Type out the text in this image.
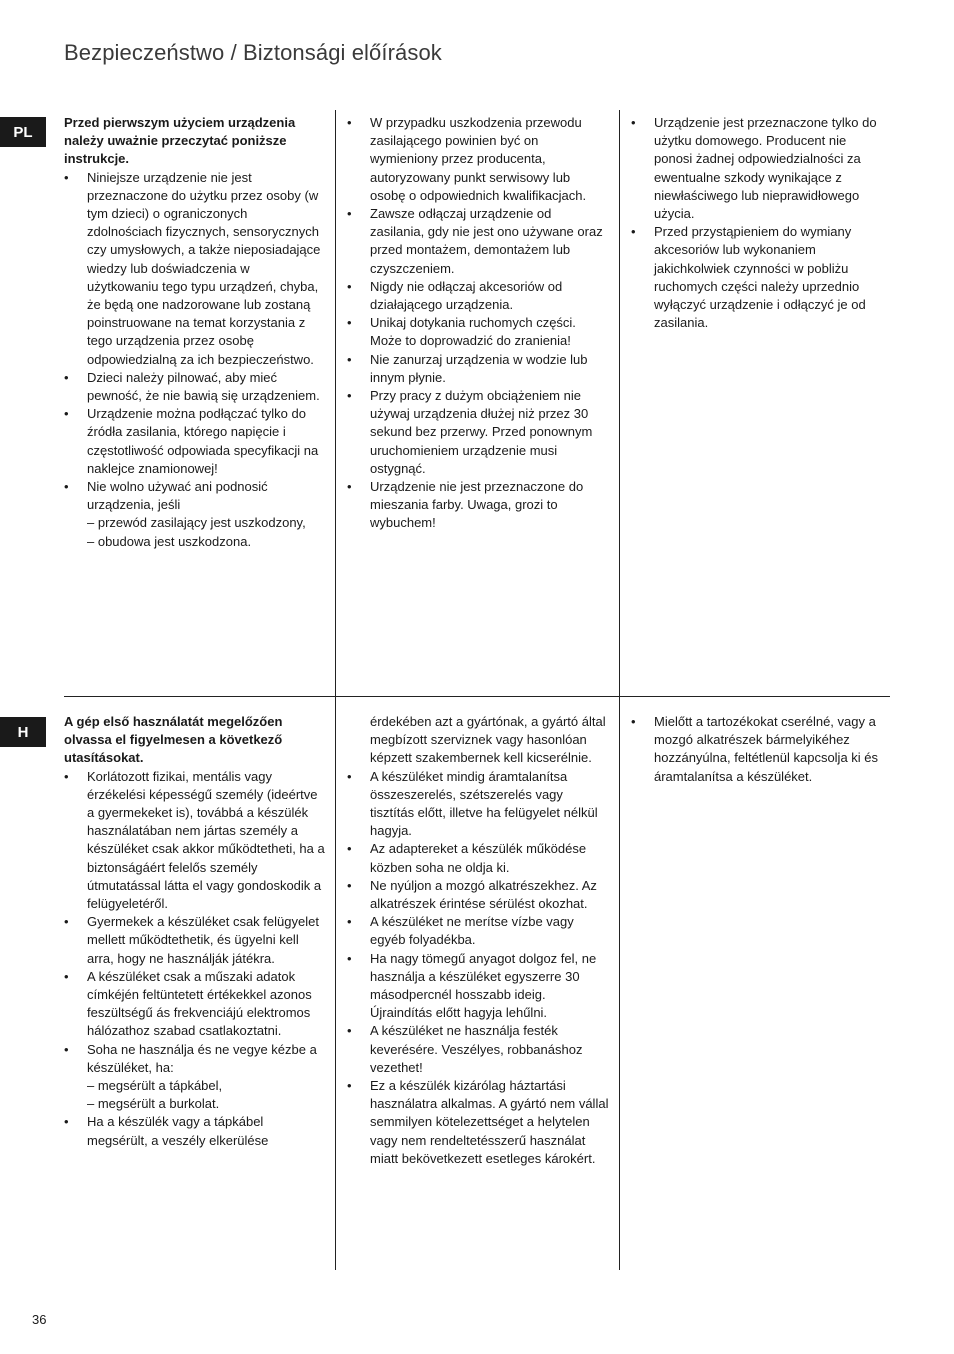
Bezpieczeństwo / Biztonsági előírások
PL
H

Przed pierwszym użyciem urządzenia należy uważnie przeczytać poniższe instrukcje.

• Niniejsze urządzenie nie jest przeznaczone do użytku przez osoby (w tym dzieci) o ograniczonych zdolnościach fizycznych, sensorycznych czy umysłowych, a także nieposiadające wiedzy lub doświadczenia w użytkowaniu tego typu urządzeń, chyba, że będą one nadzorowane lub zostaną poinstruowane na temat korzystania z tego urządzenia przez osobę odpowiedzialną za ich bezpieczeństwo.
• Dzieci należy pilnować, aby mieć pewność, że nie bawią się urządzeniem.
• Urządzenie można podłączać tylko do źródła zasilania, którego napięcie i częstotliwość odpowiada specyfikacji na naklejce znamionowej!
• Nie wolno używać ani podnosić urządzenia, jeśli
– przewód zasilający jest uszkodzony,
– obudowa jest uszkodzona.
• W przypadku uszkodzenia przewodu zasilającego powinien być on wymieniony przez producenta, autoryzowany punkt serwisowy lub osobę o odpowiednich kwalifikacjach.
• Zawsze odłączaj urządzenie od zasilania, gdy nie jest ono używane oraz przed montażem, demontażem lub czyszczeniem.
• Nigdy nie odłączaj akcesoriów od działającego urządzenia.
• Unikaj dotykania ruchomych części. Może to doprowadzić do zranienia!
• Nie zanurzaj urządzenia w wodzie lub innym płynie.
• Przy pracy z dużym obciążeniem nie używaj urządzenia dłużej niż przez 30 sekund bez przerwy. Przed ponownym uruchomieniem urządzenie musi ostygnąć.
• Urządzenie nie jest przeznaczone do mieszania farby. Uwaga, grozi to wybuchem!
• Urządzenie jest przeznaczone tylko do użytku domowego. Producent nie ponosi żadnej odpowiedzialności za ewentualne szkody wynikające z niewłaściwego lub nieprawidłowego użycia.
• Przed przystąpieniem do wymiany akcesoriów lub wykonaniem jakichkolwiek czynności w pobliżu ruchomych części należy uprzednio wyłączyć urządzenie i odłączyć je od zasilania.

A gép első használatát megelőzően olvassa el figyelmesen a következő utasításokat.

• Korlátozott fizikai, mentális vagy érzékelési képességű személy (ideértve a gyermekeket is), továbbá a készülék használatában nem jártas személy a készüléket csak akkor működtetheti, ha a biztonságáért felelős személy útmutatással látta el vagy gondoskodik a felügyeletéről.
• Gyermekek a készüléket csak felügyelet mellett működtethetik, és ügyelni kell arra, hogy ne használják játékra.
• A készüléket csak a műszaki adatok címkéjén feltüntetett értékekkel azonos feszültségű ás frekvenciájú elektromos hálózathoz szabad csatlakoztatni.
• Soha ne használja és ne vegye kézbe a készüléket, ha:
– megsérült a tápkábel,
– megsérült a burkolat.
• Ha a készülék vagy a tápkábel megsérült, a veszély elkerülése

érdekében azt a gyártónak, a gyártó által megbízott szerviznek vagy hasonlóan képzett szakembernek kell kicserélnie.

• A készüléket mindig áramtalanítsa összeszerelés, szétszerelés vagy tisztítás előtt, illetve ha felügyelet nélkül hagyja.
• Az adaptereket a készülék működése közben soha ne oldja ki.
• Ne nyúljon a mozgó alkatrészekhez. Az alkatrészek érintése sérülést okozhat.
• A készüléket ne merítse vízbe vagy egyéb folyadékba.
• Ha nagy tömegű anyagot dolgoz fel, ne használja a készüléket egyszerre 30 másodpercnél hosszabb ideig. Újraindítás előtt hagyja lehűlni.
• A készüléket ne használja festék keverésére. Veszélyes, robbanáshoz vezethet!
• Ez a készülék kizárólag háztartási használatra alkalmas. A gyártó nem vállal semmilyen kötelezettséget a helytelen vagy nem rendeltetésszerű használat miatt bekövetkezett esetleges károkért.
• Mielőtt a tartozékokat cserélné, vagy a mozgó alkatrészek bármelyikéhez hozzányúlna, feltétlenül kapcsolja ki és áramtalanítsa a készüléket.
36
